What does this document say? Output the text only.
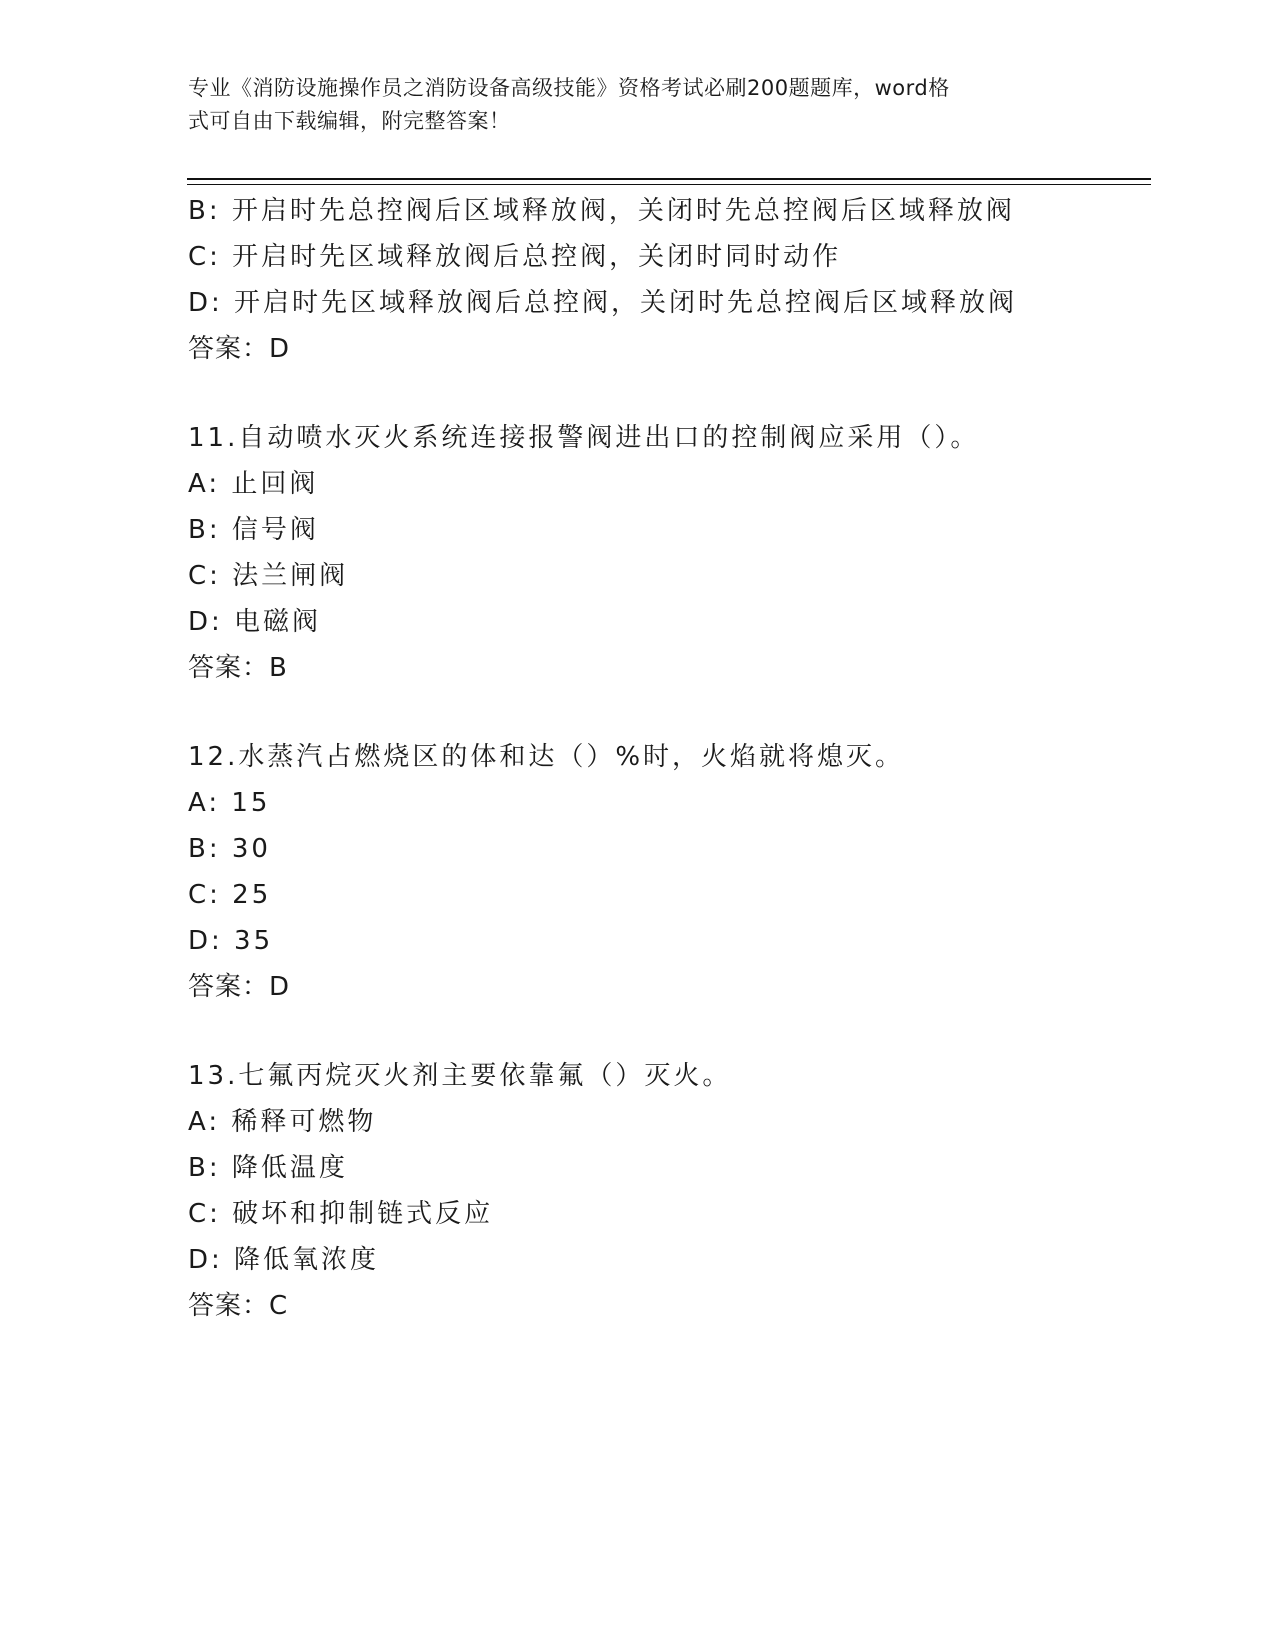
专业《消防设施操作员之消防设备高级技能》资格考试必刷200题题库，word格
式可自由下载编辑，附完整答案！
B: 开启时先总控阀后区域释放阀，关闭时先总控阀后区域释放阀
C: 开启时先区域释放阀后总控阀，关闭时同时动作
D: 开启时先区域释放阀后总控阀，关闭时先总控阀后区域释放阀
答案：D
11.自动喷水灭火系统连接报警阀进出口的控制阀应采用（）。
A: 止回阀
B: 信号阀
C: 法兰闸阀
D: 电磁阀
答案：B
12.水蒸汽占燃烧区的体和达（）%时，火焰就将熄灭。
A: 15
B: 30
C: 25
D: 35
答案：D
13.七氟丙烷灭火剂主要依靠氟（）灭火。
A: 稀释可燃物
B: 降低温度
C: 破坏和抑制链式反应
D: 降低氧浓度
答案：C
